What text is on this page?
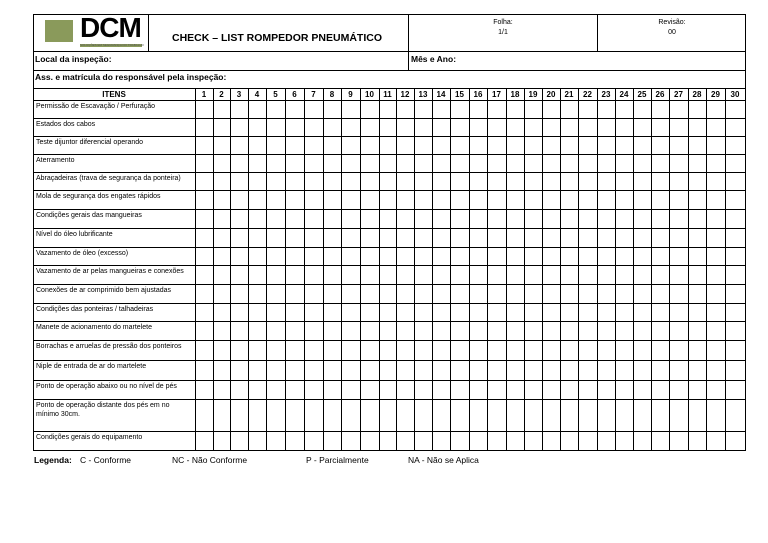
DCM	CHECK – LIST ROMPEDOR PNEUMÁTICO
Folha:
1/1
Revisão:
00
Local da inspeção:	Mês e Ano:
Ass. e matrícula do responsável pela inspeção:
ITENS	1	2	3	4	5	6	7	8	9	10	11	12	13	14	15	16	17	18	19	20	21	22	23	24	25	26	27	28	29	30
Permissão de Escavação / Perfuração
Estados dos cabos
Teste dijuntor diferencial operando
Aterramento
Abraçadeiras (trava de segurança da ponteira)
Mola de segurança dos engates rápidos
Condições gerais das mangueiras
Nível do óleo lubrificante
Vazamento de óleo (excesso)
Vazamento de ar pelas mangueiras e conexões
Conexões de ar comprimido bem ajustadas
Condições das ponteiras / talhadeiras
Manete de acionamento do martelete
Borrachas e arruelas de pressão dos ponteiros
Niple de entrada de ar do martelete
Ponto de operação abaixo ou no nível de pés
Ponto de operação distante dos pés em no mínimo 30cm.
Condições gerais do equipamento
Legenda: C - Conforme	NC - Não Conforme	P - Parcialmente	NA - Não se Aplica
SOLUÇÕES EM SEGURANÇA DO TRABALHO
